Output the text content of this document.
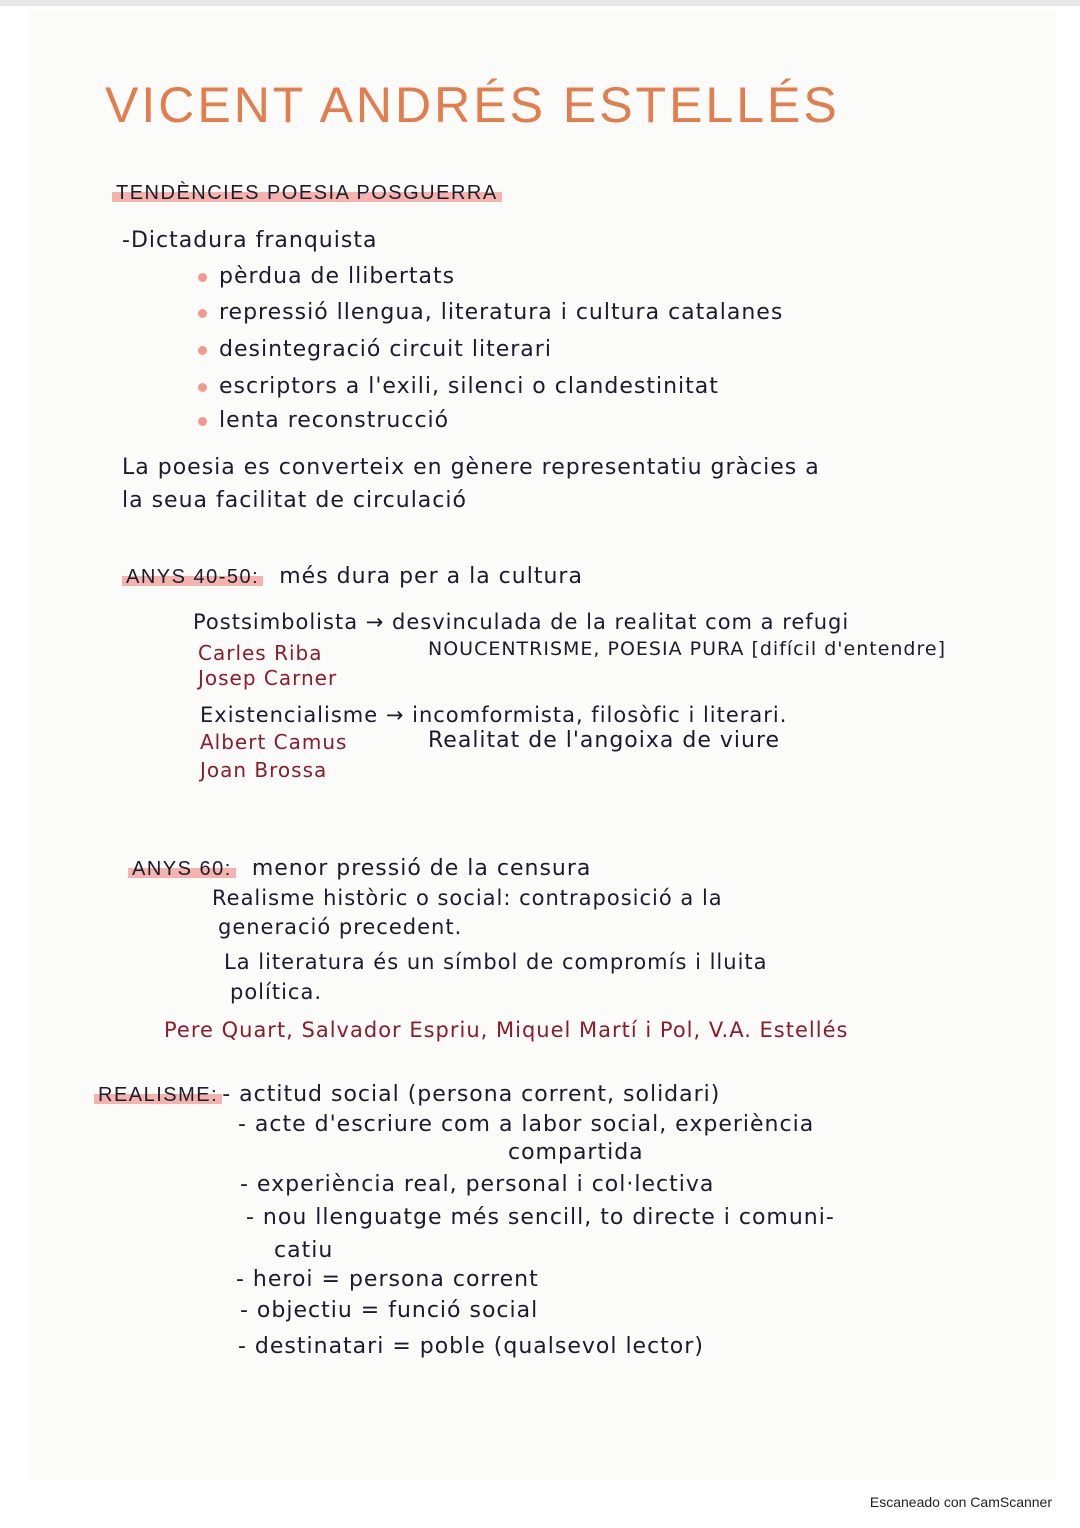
VICENT ANDRÉS ESTELLÉS
TENDÈNCIES POESIA POSGUERRA
-Dictadura franquista
pèrdua de llibertats
repressió llengua, literatura i cultura catalanes
desintegració circuit literari
escriptors a l'exili, silenci o clandestinitat
lenta reconstrucció
La poesia es converteix en gènere representatiu gràcies a
la seua facilitat de circulació
ANYS 40-50: més dura per a la cultura
Postsimbolista → desvinculada de la realitat com a refugi
Carles Riba	NOUCENTRISME, POESIA PURA [difícil d'entendre]
Josep Carner
Existencialisme → incomformista, filosòfic i literari.
Albert Camus	Realitat de l'angoixa de viure
Joan Brossa
ANYS 60: menor pressió de la censura
Realisme històric o social: contraposició a la
generació precedent.
La literatura és un símbol de compromís i lluita
política.
Pere Quart, Salvador Espriu, Miquel Martí i Pol, V.A. Estellés
REALISME: - actitud social (persona corrent, solidari)
- acte d'escriure com a labor social, experiència
compartida
- experiència real, personal i col·lectiva
- nou llenguatge més sencill, to directe i comuni-
catiu
- heroi = persona corrent
- objectiu = funció social
- destinatari = poble (qualsevol lector)
Escaneado con CamScanner
